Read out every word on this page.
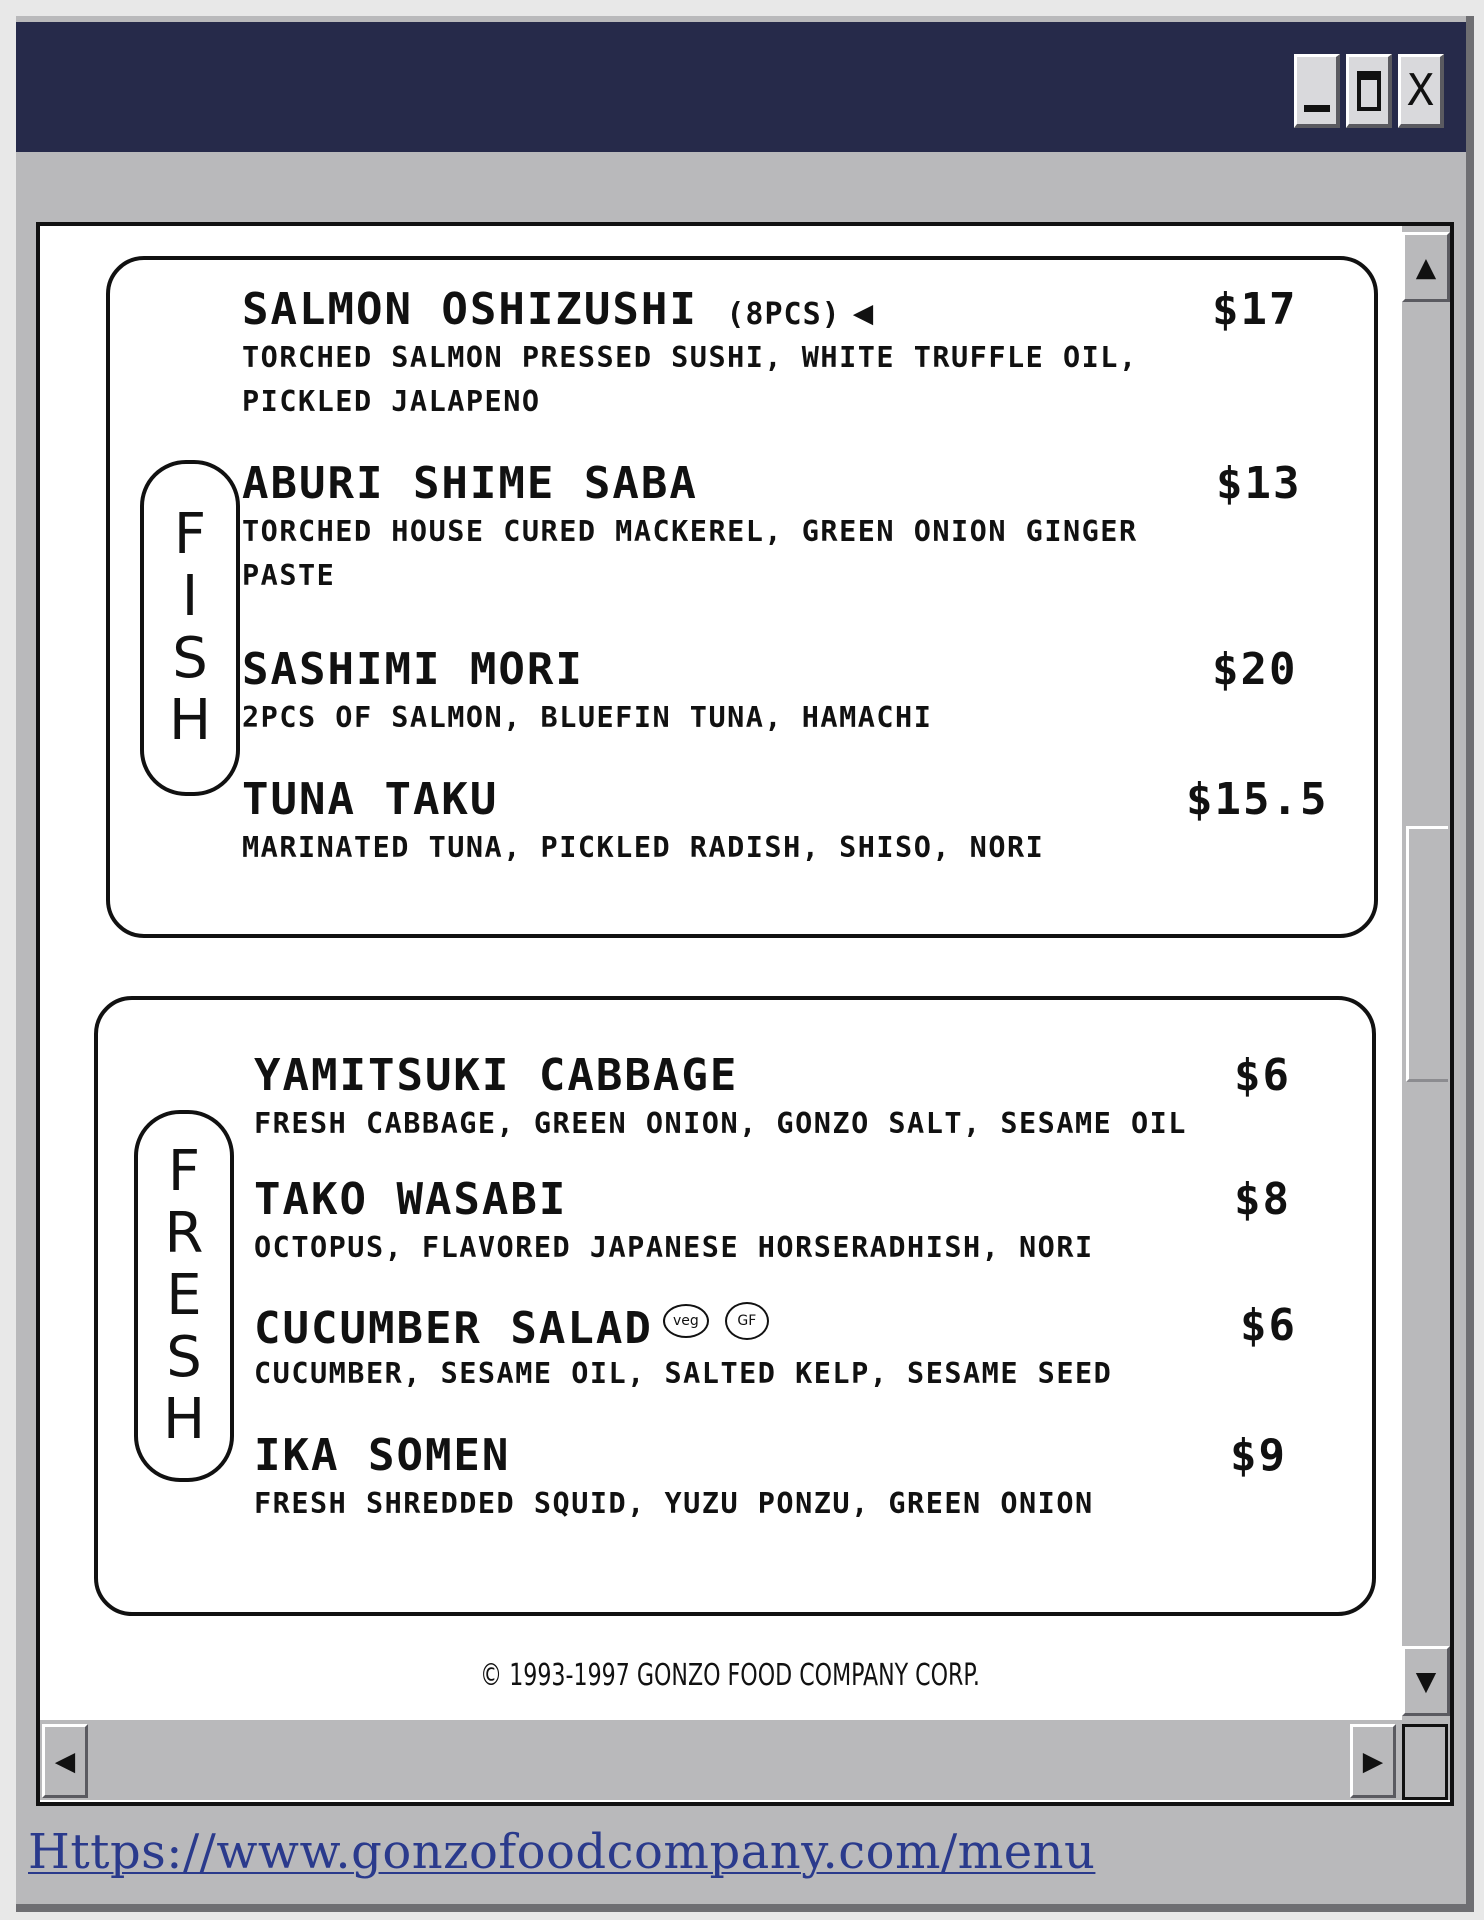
X
F
I
S
H
SALMON OSHIZUSHI (8PCS) ◀	$17
TORCHED SALMON PRESSED SUSHI, WHITE TRUFFLE OIL,
PICKLED JALAPENO
ABURI SHIME SABA	$13
TORCHED HOUSE CURED MACKEREL, GREEN ONION GINGER
PASTE
SASHIMI MORI	$20
2PCS OF SALMON, BLUEFIN TUNA, HAMACHI
TUNA TAKU	$15.5
MARINATED TUNA, PICKLED RADISH, SHISO, NORI
F
R
E
S
H
YAMITSUKI CABBAGE	$6
FRESH CABBAGE, GREEN ONION, GONZO SALT, SESAME OIL
TAKO WASABI	$8
OCTOPUS, FLAVORED JAPANESE HORSERADHISH, NORI
CUCUMBER SALAD veg	GF	$6
CUCUMBER, SESAME OIL, SALTED KELP, SESAME SEED
IKA SOMEN	$9
FRESH SHREDDED SQUID, YUZU PONZU, GREEN ONION
© 1993-1997 GONZO FOOD COMPANY CORP.
▲
▼
◀	▶
Https://www.gonzofoodcompany.com/menu
